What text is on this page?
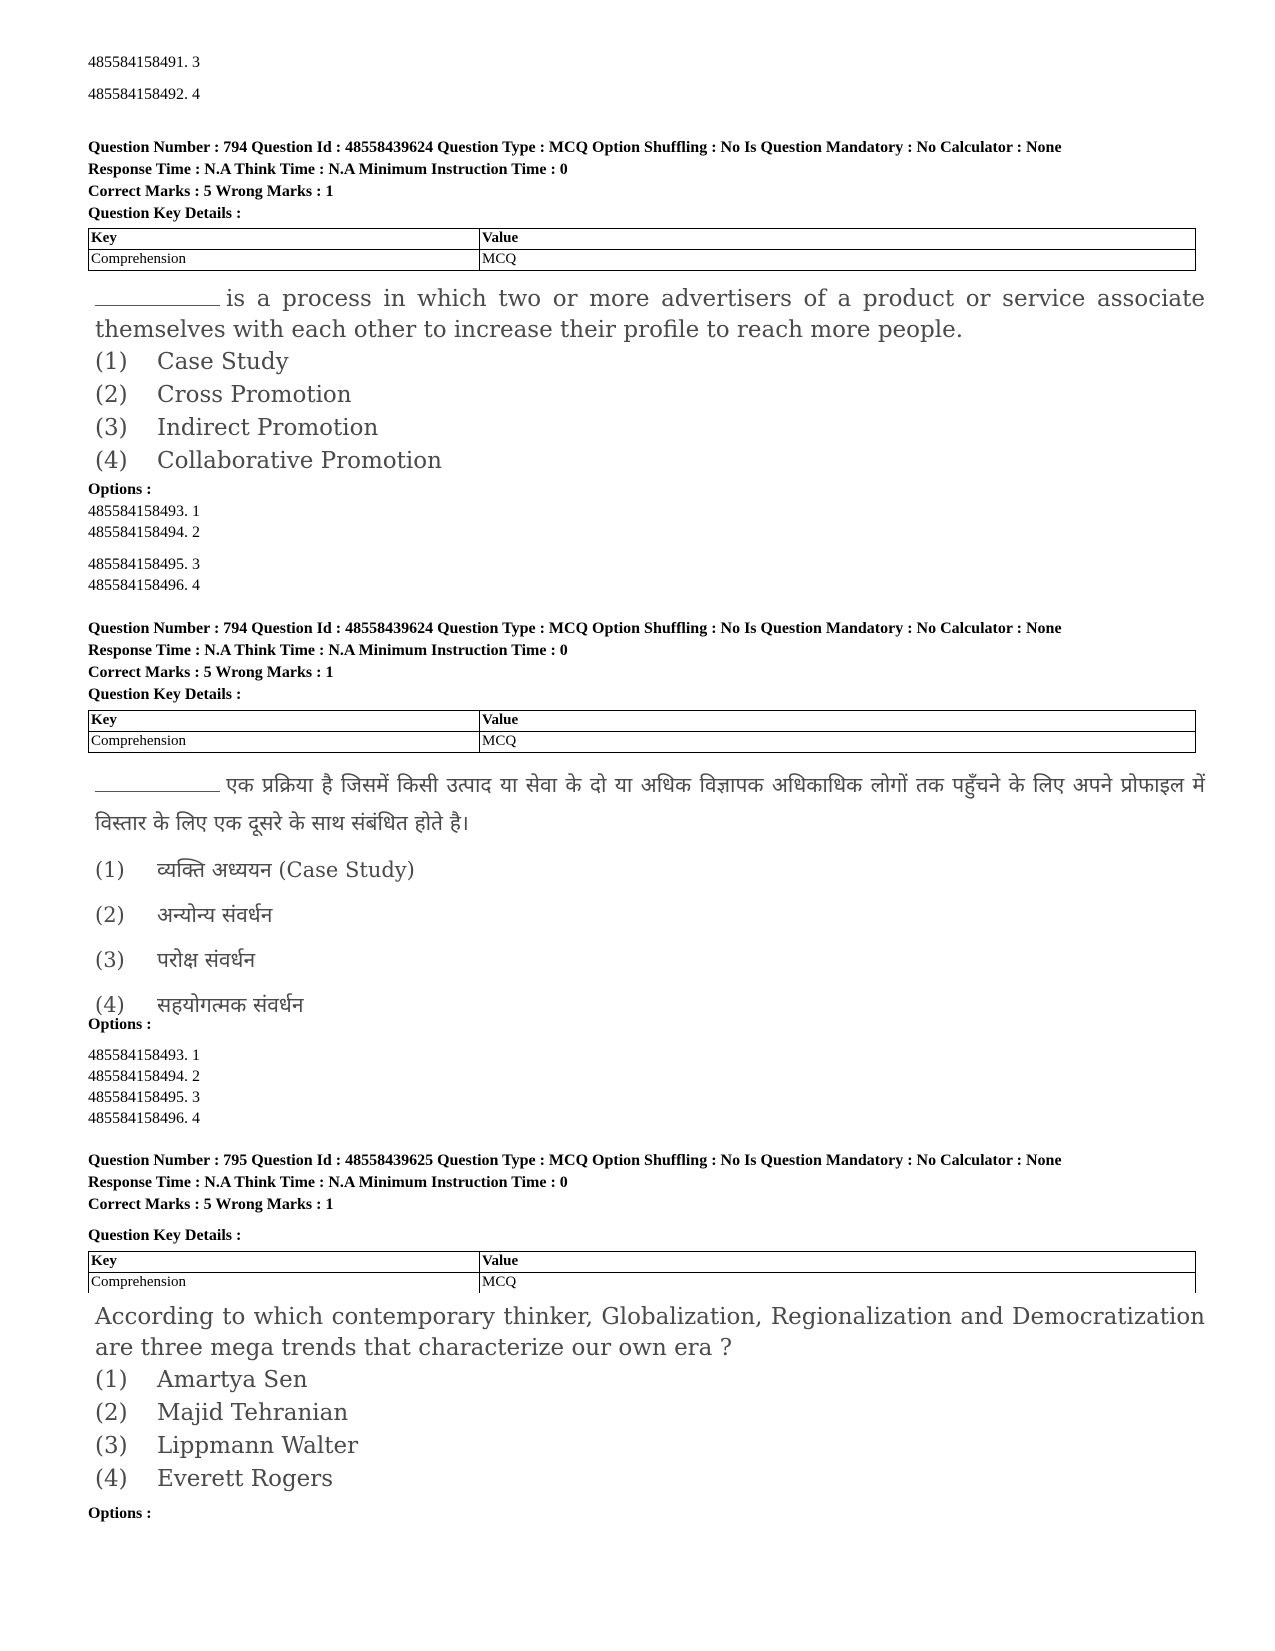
485584158491. 3
485584158492. 4
Question Number : 794 Question Id : 48558439624 Question Type : MCQ Option Shuffling : No Is Question Mandatory : No Calculator : None
Response Time : N.A Think Time : N.A Minimum Instruction Time : 0
Correct Marks : 5 Wrong Marks : 1
Question Key Details :
Key	Value
Comprehension	MCQ
is a process in which two or more advertisers of a product or service associate themselves with each other to increase their profile to reach more people.
(1) Case Study
(2) Cross Promotion
(3) Indirect Promotion
(4) Collaborative Promotion
Options :
485584158493. 1
485584158494. 2
485584158495. 3
485584158496. 4
Question Number : 794 Question Id : 48558439624 Question Type : MCQ Option Shuffling : No Is Question Mandatory : No Calculator : None
Response Time : N.A Think Time : N.A Minimum Instruction Time : 0
Correct Marks : 5 Wrong Marks : 1
Question Key Details :
Key	Value
Comprehension	MCQ
एक प्रक्रिया है जिसमें किसी उत्पाद या सेवा के दो या अधिक विज्ञापक अधिकाधिक लोगों तक पहुँचने के लिए अपने प्रोफाइल में विस्तार के लिए एक दूसरे के साथ संबंधित होते है।
(1) व्यक्ति अध्ययन (Case Study)
(2) अन्योन्य संवर्धन
(3) परोक्ष संवर्धन
(4) सहयोगत्मक संवर्धन
Options :
485584158493. 1
485584158494. 2
485584158495. 3
485584158496. 4
Question Number : 795 Question Id : 48558439625 Question Type : MCQ Option Shuffling : No Is Question Mandatory : No Calculator : None
Response Time : N.A Think Time : N.A Minimum Instruction Time : 0
Correct Marks : 5 Wrong Marks : 1
Question Key Details :
Key	Value
Comprehension	MCQ
According to which contemporary thinker, Globalization, Regionalization and Democratization are three mega trends that characterize our own era ?
(1) Amartya Sen
(2) Majid Tehranian
(3) Lippmann Walter
(4) Everett Rogers
Options :
